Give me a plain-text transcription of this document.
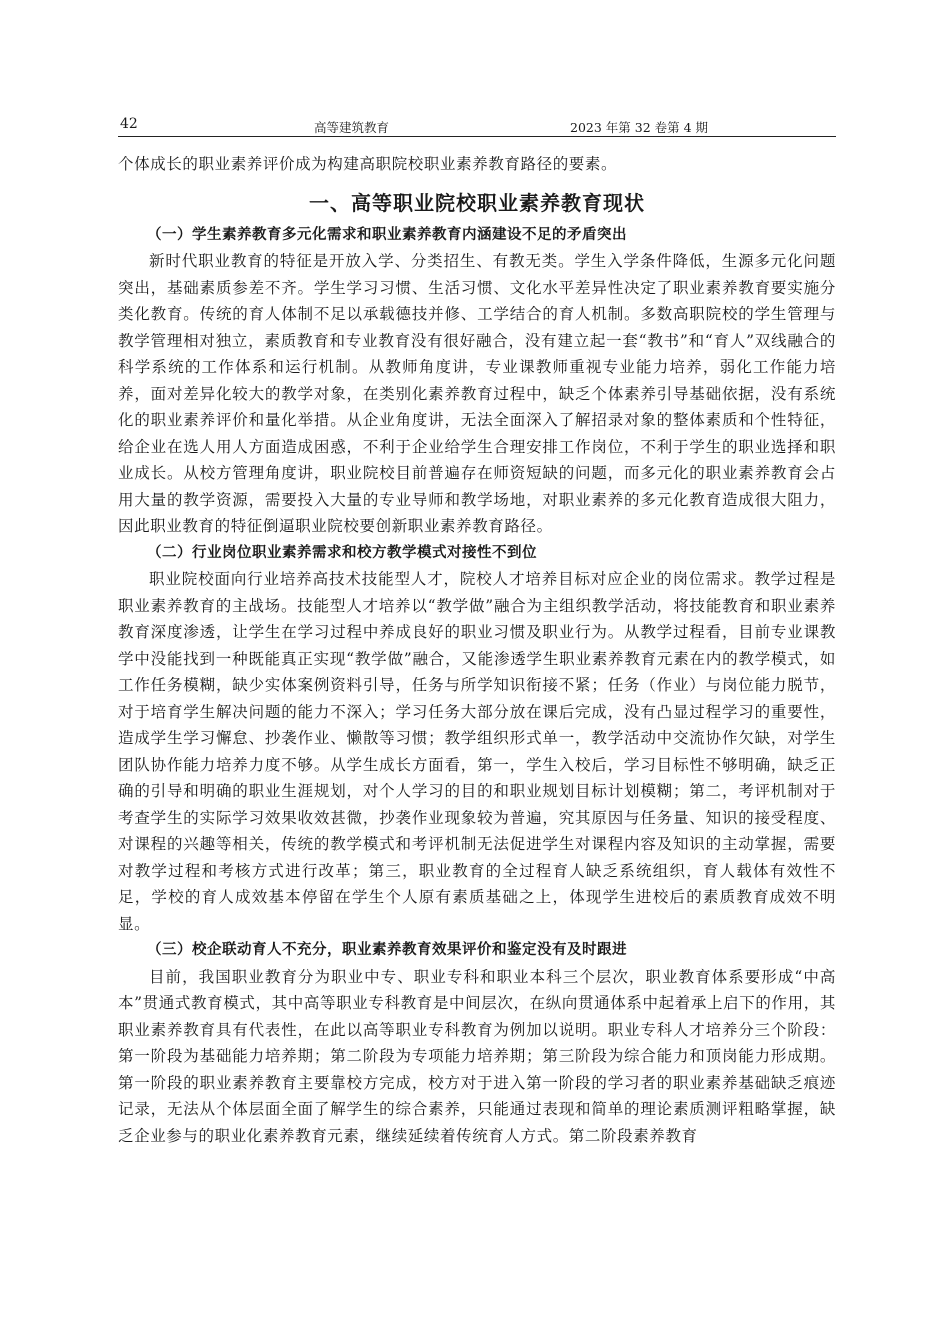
42	高等建筑教育	2023 年第 32 卷第 4 期

个体成长的职业素养评价成为构建高职院校职业素养教育路径的要素。

一、高等职业院校职业素养教育现状
（一）学生素养教育多元化需求和职业素养教育内涵建设不足的矛盾突出

新时代职业教育的特征是开放入学、分类招生、有教无类。学生入学条件降低，生源多元化问题突出，基础素质参差不齐。学生学习习惯、生活习惯、文化水平差异性决定了职业素养教育要实施分类化教育。传统的育人体制不足以承载德技并修、工学结合的育人机制。多数高职院校的学生管理与教学管理相对独立，素质教育和专业教育没有很好融合，没有建立起一套“教书”和“育人”双线融合的科学系统的工作体系和运行机制。从教师角度讲，专业课教师重视专业能力培养，弱化工作能力培养，面对差异化较大的教学对象，在类别化素养教育过程中，缺乏个体素养引导基础依据，没有系统化的职业素养评价和量化举措。从企业角度讲，无法全面深入了解招录对象的整体素质和个性特征，给企业在选人用人方面造成困惑，不利于企业给学生合理安排工作岗位，不利于学生的职业选择和职业成长。从校方管理角度讲，职业院校目前普遍存在师资短缺的问题，而多元化的职业素养教育会占用大量的教学资源，需要投入大量的专业导师和教学场地，对职业素养的多元化教育造成很大阻力，因此职业教育的特征倒逼职业院校要创新职业素养教育路径。

（二）行业岗位职业素养需求和校方教学模式对接性不到位

职业院校面向行业培养高技术技能型人才，院校人才培养目标对应企业的岗位需求。教学过程是职业素养教育的主战场。技能型人才培养以“教学做”融合为主组织教学活动，将技能教育和职业素养教育深度渗透，让学生在学习过程中养成良好的职业习惯及职业行为。从教学过程看，目前专业课教学中没能找到一种既能真正实现“教学做”融合，又能渗透学生职业素养教育元素在内的教学模式，如工作任务模糊，缺少实体案例资料引导，任务与所学知识衔接不紧；任务（作业）与岗位能力脱节，对于培育学生解决问题的能力不深入；学习任务大部分放在课后完成，没有凸显过程学习的重要性，造成学生学习懈怠、抄袭作业、懒散等习惯；教学组织形式单一，教学活动中交流协作欠缺，对学生团队协作能力培养力度不够。从学生成长方面看，第一，学生入校后，学习目标性不够明确，缺乏正确的引导和明确的职业生涯规划，对个人学习的目的和职业规划目标计划模糊；第二，考评机制对于考查学生的实际学习效果收效甚微，抄袭作业现象较为普遍，究其原因与任务量、知识的接受程度、对课程的兴趣等相关，传统的教学模式和考评机制无法促进学生对课程内容及知识的主动掌握，需要对教学过程和考核方式进行改革；第三，职业教育的全过程育人缺乏系统组织，育人载体有效性不足，学校的育人成效基本停留在学生个人原有素质基础之上，体现学生进校后的素质教育成效不明显。

（三）校企联动育人不充分，职业素养教育效果评价和鉴定没有及时跟进

目前，我国职业教育分为职业中专、职业专科和职业本科三个层次，职业教育体系要形成“中高本”贯通式教育模式，其中高等职业专科教育是中间层次，在纵向贯通体系中起着承上启下的作用，其职业素养教育具有代表性，在此以高等职业专科教育为例加以说明。职业专科人才培养分三个阶段：第一阶段为基础能力培养期；第二阶段为专项能力培养期；第三阶段为综合能力和顶岗能力形成期。第一阶段的职业素养教育主要靠校方完成，校方对于进入第一阶段的学习者的职业素养基础缺乏痕迹记录，无法从个体层面全面了解学生的综合素养，只能通过表现和简单的理论素质测评粗略掌握，缺乏企业参与的职业化素养教育元素，继续延续着传统育人方式。第二阶段素养教育
